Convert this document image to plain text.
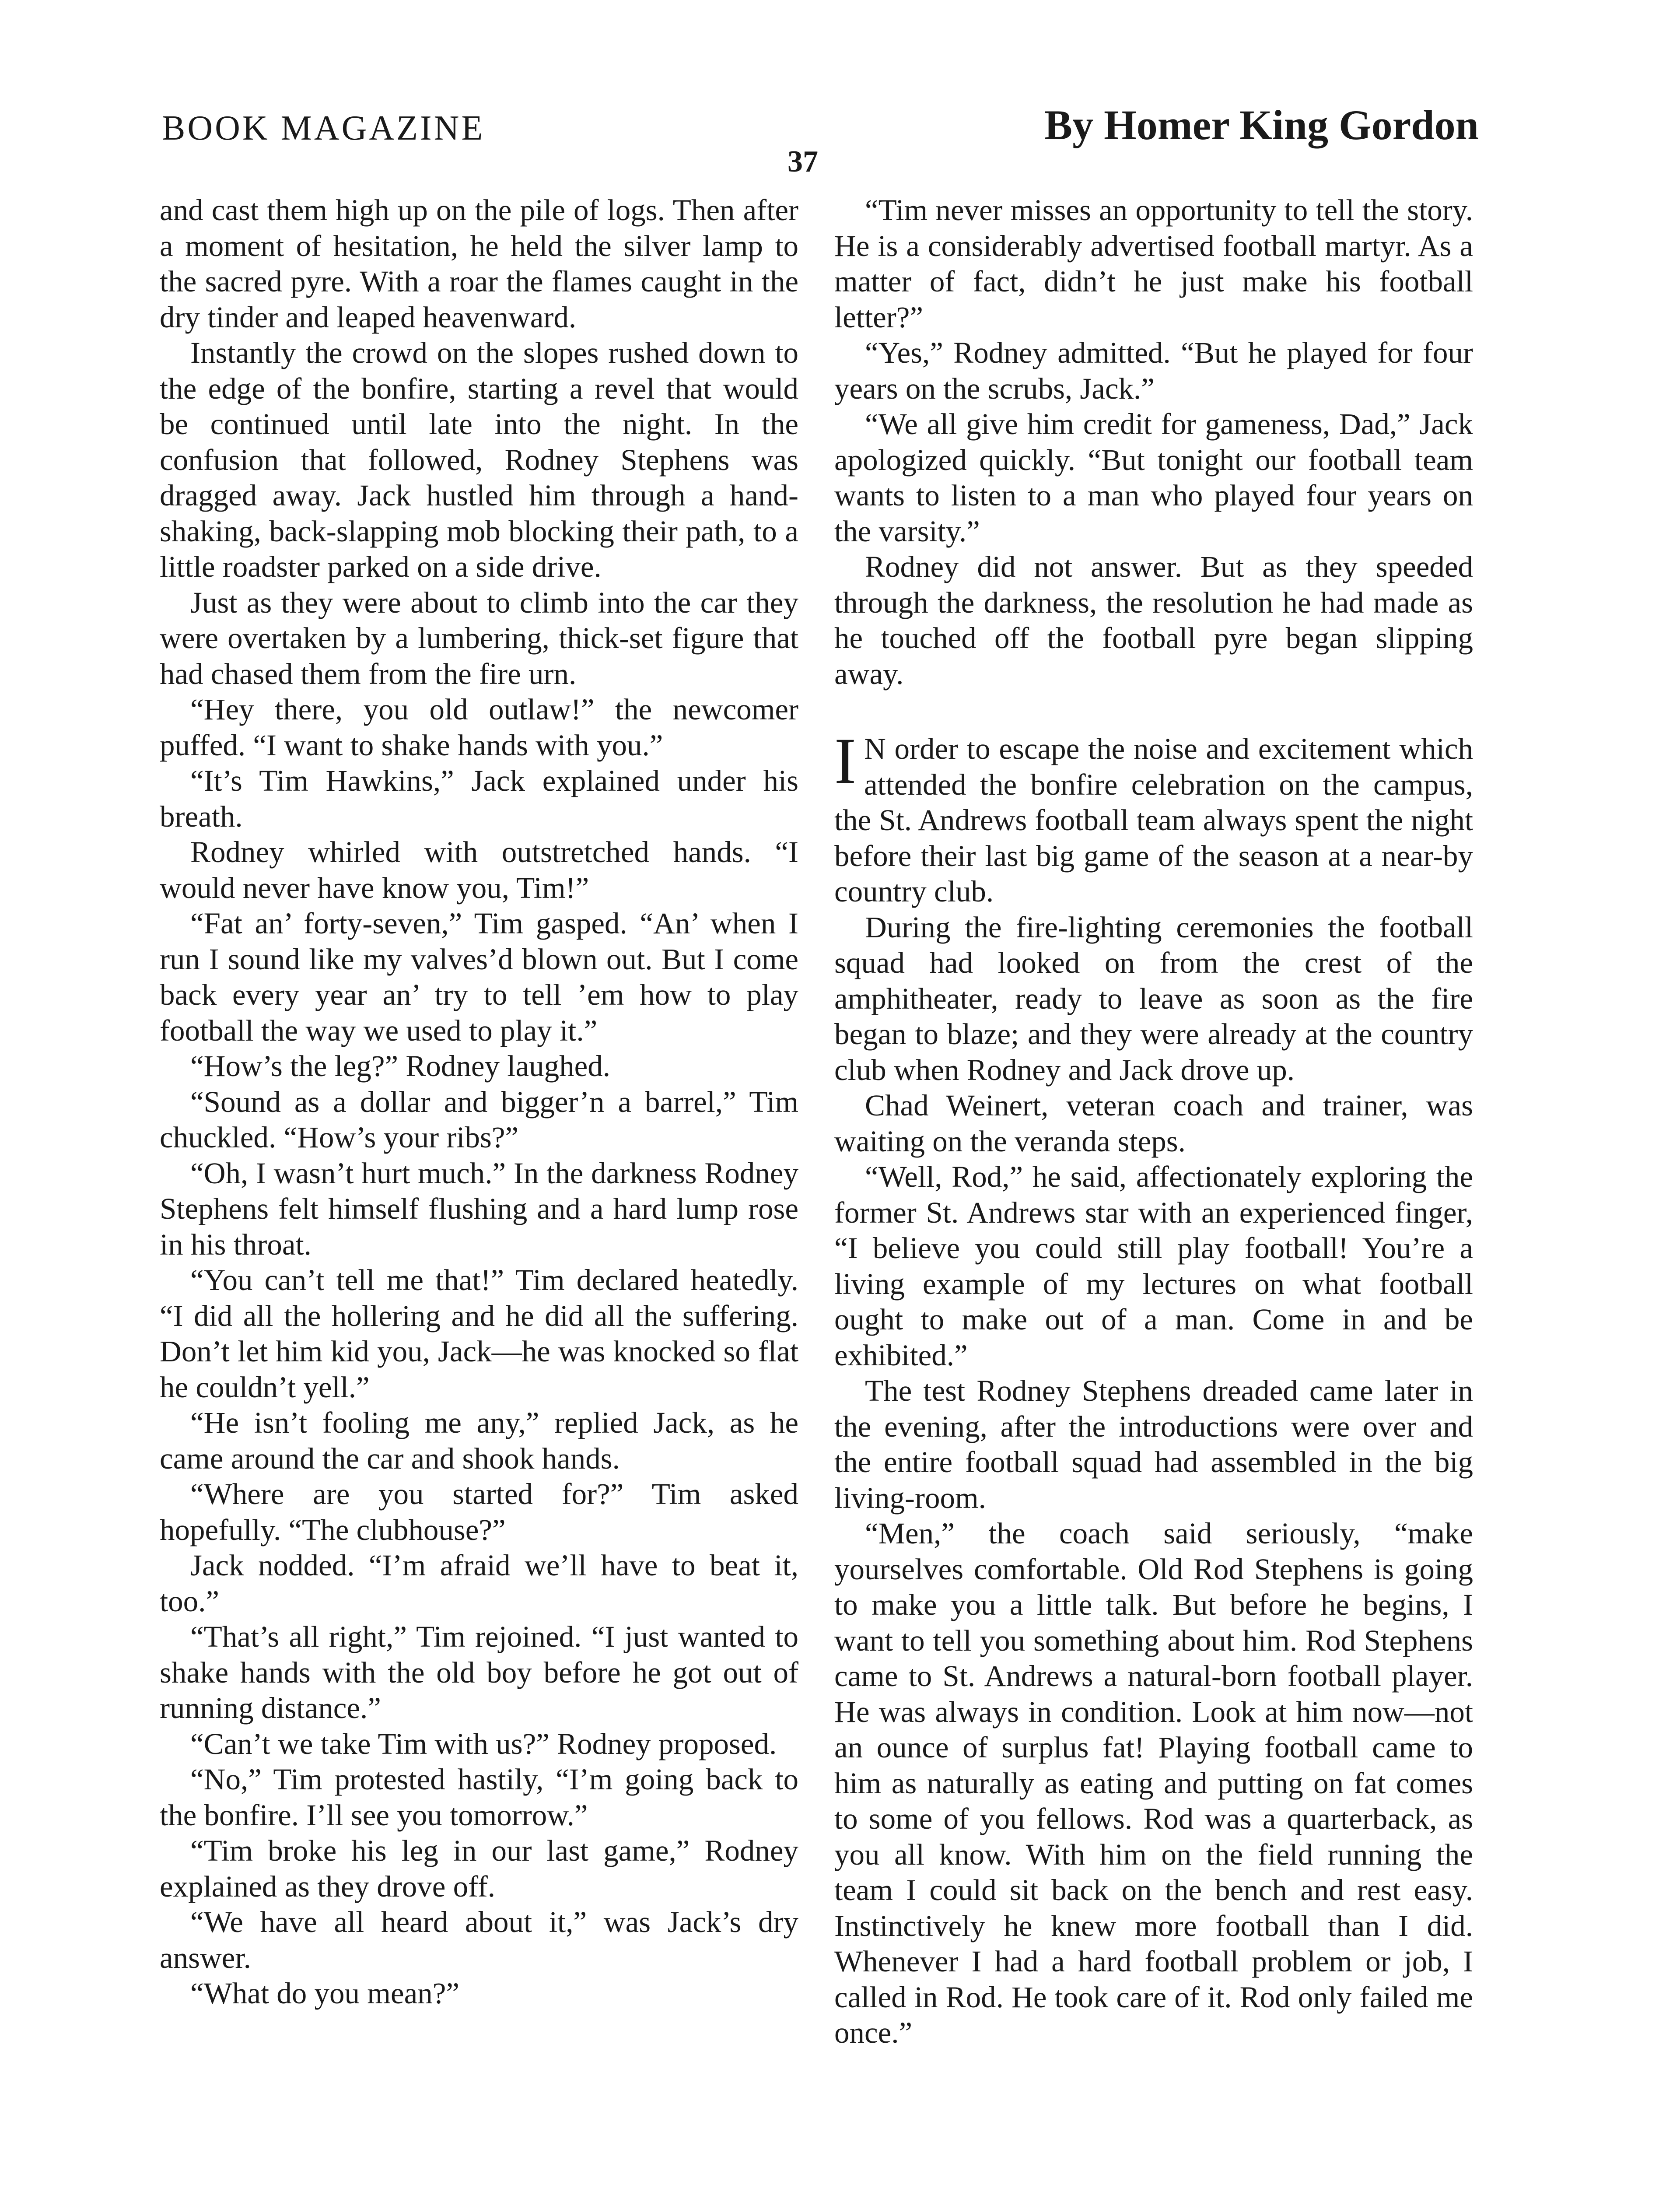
BOOK MAGAZINE	By Homer King Gordon
37

and cast them high up on the pile of logs. Then after a moment of hesitation, he held the silver lamp to the sacred pyre. With a roar the flames caught in the dry tinder and leaped heavenward.

Instantly the crowd on the slopes rushed down to the edge of the bonfire, starting a revel that would be continued until late into the night. In the confusion that followed, Rodney Stephens was dragged away. Jack hustled him through a hand-shaking, back-slapping mob blocking their path, to a little roadster parked on a side drive.

Just as they were about to climb into the car they were overtaken by a lumbering, thick-set figure that had chased them from the fire urn.

“Hey there, you old outlaw!” the newcomer puffed. “I want to shake hands with you.”

“It’s Tim Hawkins,” Jack explained under his breath.

Rodney whirled with outstretched hands. “I would never have know you, Tim!”

“Fat an’ forty-seven,” Tim gasped. “An’ when I run I sound like my valves’d blown out. But I come back every year an’ try to tell ’em how to play football the way we used to play it.”

“How’s the leg?” Rodney laughed.

“Sound as a dollar and bigger’n a barrel,” Tim chuckled. “How’s your ribs?”

“Oh, I wasn’t hurt much.” In the darkness Rodney Stephens felt himself flushing and a hard lump rose in his throat.

“You can’t tell me that!” Tim declared heatedly. “I did all the hollering and he did all the suffering. Don’t let him kid you, Jack—he was knocked so flat he couldn’t yell.”

“He isn’t fooling me any,” replied Jack, as he came around the car and shook hands.

“Where are you started for?” Tim asked hopefully. “The clubhouse?”

Jack nodded. “I’m afraid we’ll have to beat it, too.”

“That’s all right,” Tim rejoined. “I just wanted to shake hands with the old boy before he got out of running distance.”

“Can’t we take Tim with us?” Rodney proposed.

“No,” Tim protested hastily, “I’m going back to the bonfire. I’ll see you tomorrow.”

“Tim broke his leg in our last game,” Rodney explained as they drove off.

“We have all heard about it,” was Jack’s dry answer.

“What do you mean?”

“Tim never misses an opportunity to tell the story. He is a considerably advertised football martyr. As a matter of fact, didn’t he just make his football letter?”

“Yes,” Rodney admitted. “But he played for four years on the scrubs, Jack.”

“We all give him credit for gameness, Dad,” Jack apologized quickly. “But tonight our football team wants to listen to a man who played four years on the varsity.”

Rodney did not answer. But as they speeded through the darkness, the resolution he had made as he touched off the football pyre began slipping away.

I N order to escape the noise and excitement which attended the bonfire celebration on the campus, the St. Andrews football team always spent the night before their last big game of the season at a near-by country club.

During the fire-lighting ceremonies the football squad had looked on from the crest of the amphitheater, ready to leave as soon as the fire began to blaze; and they were already at the country club when Rodney and Jack drove up.

Chad Weinert, veteran coach and trainer, was waiting on the veranda steps.

“Well, Rod,” he said, affectionately exploring the former St. Andrews star with an experienced finger, “I believe you could still play football! You’re a living example of my lectures on what football ought to make out of a man. Come in and be exhibited.”

The test Rodney Stephens dreaded came later in the evening, after the introductions were over and the entire football squad had assembled in the big living-room.

“Men,” the coach said seriously, “make yourselves comfortable. Old Rod Stephens is going to make you a little talk. But before he begins, I want to tell you something about him. Rod Stephens came to St. Andrews a natural-born football player. He was always in condition. Look at him now—not an ounce of surplus fat! Playing football came to him as naturally as eating and putting on fat comes to some of you fellows. Rod was a quarterback, as you all know. With him on the field running the team I could sit back on the bench and rest easy. Instinctively he knew more football than I did. Whenever I had a hard football problem or job, I called in Rod. He took care of it. Rod only failed me once.”
